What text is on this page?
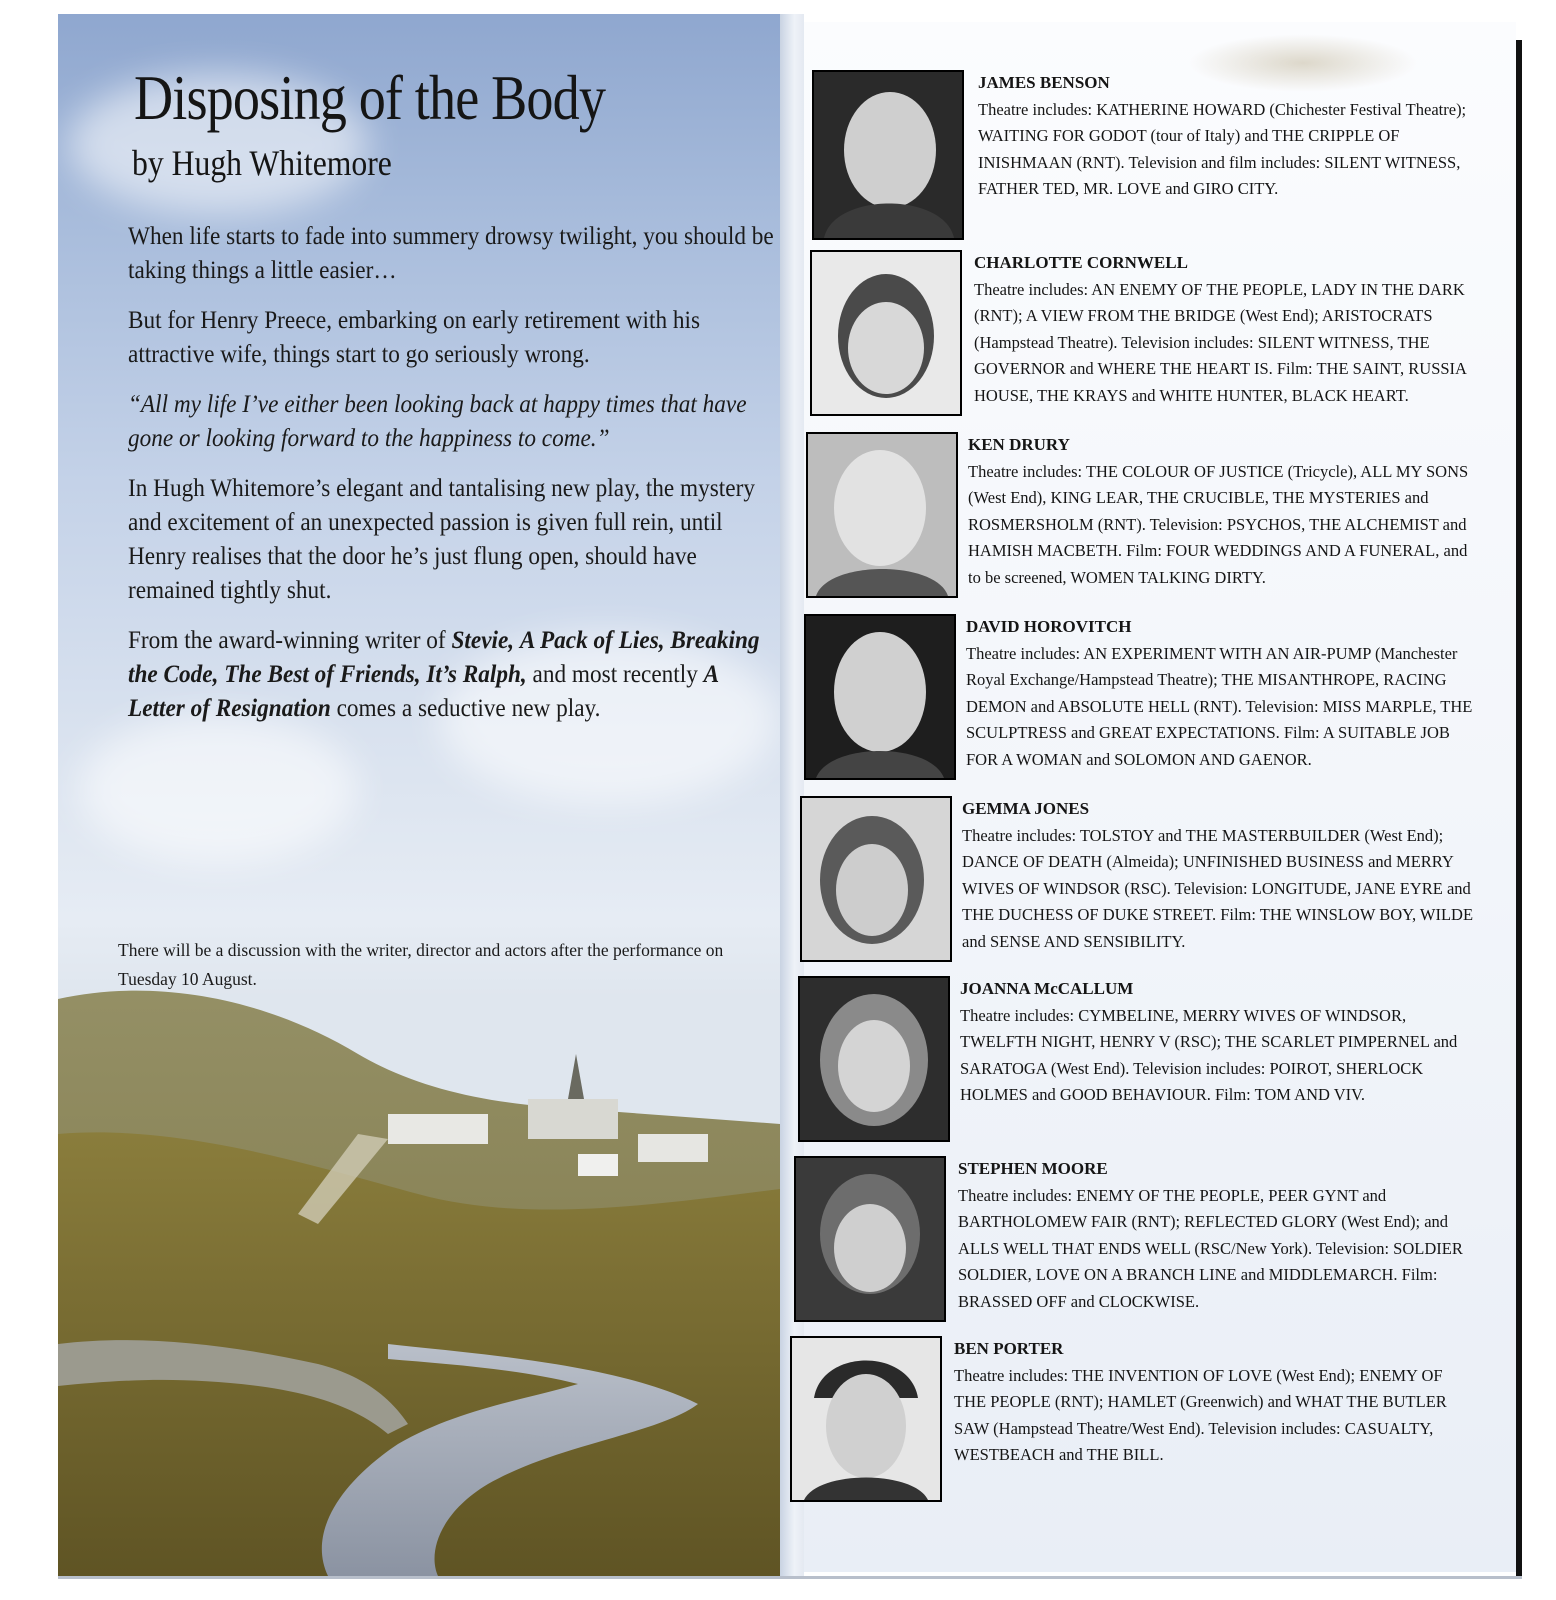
Disposing of the Body
by Hugh Whitemore

When life starts to fade into summery drowsy twilight, you should be taking things a little easier…

But for Henry Preece, embarking on early retirement with his attractive wife, things start to go seriously wrong.

“All my life I’ve either been looking back at happy times that have gone or looking forward to the happiness to come.”

In Hugh Whitemore’s elegant and tantalising new play, the mystery and excitement of an unexpected passion is given full rein, until Henry realises that the door he’s just flung open, should have remained tightly shut.

From the award-winning writer of Stevie, A Pack of Lies, Breaking the Code, The Best of Friends, It’s Ralph, and most recently A Letter of Resignation comes a seductive new play.

There will be a discussion with the writer, director and actors after the performance on Tuesday 10 August.

JAMES BENSON
Theatre includes: KATHERINE HOWARD (Chichester Festival Theatre); WAITING FOR GODOT (tour of Italy) and THE CRIPPLE OF INISHMAAN (RNT). Television and film includes: SILENT WITNESS, FATHER TED, MR. LOVE and GIRO CITY.
CHARLOTTE CORNWELL
Theatre includes: AN ENEMY OF THE PEOPLE, LADY IN THE DARK (RNT); A VIEW FROM THE BRIDGE (West End); ARISTOCRATS (Hampstead Theatre). Television includes: SILENT WITNESS, THE GOVERNOR and WHERE THE HEART IS. Film: THE SAINT, RUSSIA HOUSE, THE KRAYS and WHITE HUNTER, BLACK HEART.
KEN DRURY
Theatre includes: THE COLOUR OF JUSTICE (Tricycle), ALL MY SONS (West End), KING LEAR, THE CRUCIBLE, THE MYSTERIES and ROSMERSHOLM (RNT). Television: PSYCHOS, THE ALCHEMIST and HAMISH MACBETH. Film: FOUR WEDDINGS AND A FUNERAL, and to be screened, WOMEN TALKING DIRTY.
DAVID HOROVITCH
Theatre includes: AN EXPERIMENT WITH AN AIR-PUMP (Manchester Royal Exchange/Hampstead Theatre); THE MISANTHROPE, RACING DEMON and ABSOLUTE HELL (RNT). Television: MISS MARPLE, THE SCULPTRESS and GREAT EXPECTATIONS. Film: A SUITABLE JOB FOR A WOMAN and SOLOMON AND GAENOR.
GEMMA JONES
Theatre includes: TOLSTOY and THE MASTERBUILDER (West End); DANCE OF DEATH (Almeida); UNFINISHED BUSINESS and MERRY WIVES OF WINDSOR (RSC). Television: LONGITUDE, JANE EYRE and THE DUCHESS OF DUKE STREET. Film: THE WINSLOW BOY, WILDE and SENSE AND SENSIBILITY.
JOANNA McCALLUM
Theatre includes: CYMBELINE, MERRY WIVES OF WINDSOR, TWELFTH NIGHT, HENRY V (RSC); THE SCARLET PIMPERNEL and SARATOGA (West End). Television includes: POIROT, SHERLOCK HOLMES and GOOD BEHAVIOUR. Film: TOM AND VIV.
STEPHEN MOORE
Theatre includes: ENEMY OF THE PEOPLE, PEER GYNT and BARTHOLOMEW FAIR (RNT); REFLECTED GLORY (West End); and ALLS WELL THAT ENDS WELL (RSC/New York). Television: SOLDIER SOLDIER, LOVE ON A BRANCH LINE and MIDDLEMARCH. Film: BRASSED OFF and CLOCKWISE.
BEN PORTER
Theatre includes: THE INVENTION OF LOVE (West End); ENEMY OF THE PEOPLE (RNT); HAMLET (Greenwich) and WHAT THE BUTLER SAW (Hampstead Theatre/West End). Television includes: CASUALTY, WESTBEACH and THE BILL.
